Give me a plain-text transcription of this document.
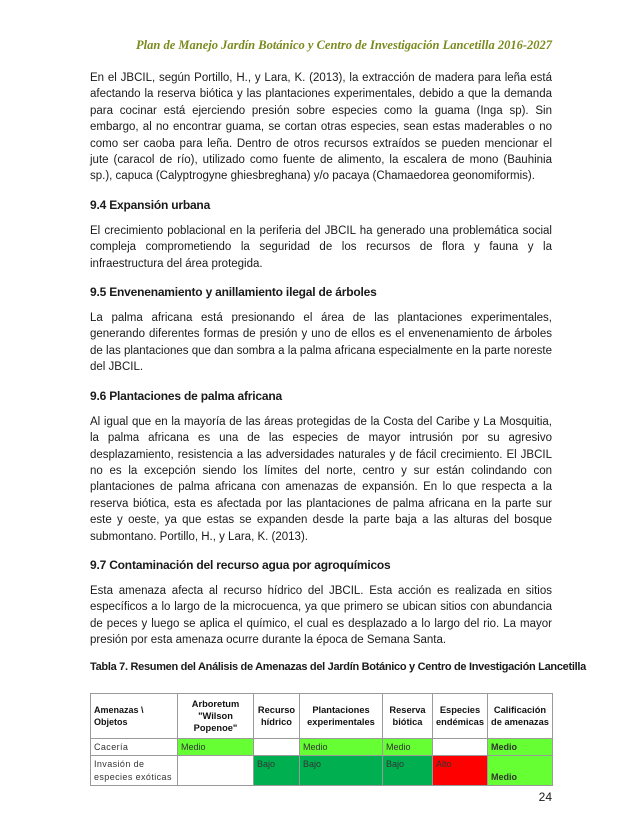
Plan de Manejo Jardín Botánico y Centro de Investigación Lancetilla 2016-2027

En el JBCIL, según Portillo, H., y Lara, K. (2013), la extracción de madera para leña está afectando la reserva biótica y las plantaciones experimentales, debido a que la demanda para cocinar está ejerciendo presión sobre especies como la guama (Inga sp). Sin embargo, al no encontrar guama, se cortan otras especies, sean estas maderables o no como ser caoba para leña. Dentro de otros recursos extraídos se pueden mencionar el jute (caracol de río), utilizado como fuente de alimento, la escalera de mono (Bauhinia sp.), capuca (Calyptrogyne ghiesbreghana) y/o pacaya (Chamaedorea geonomiformis).

9.4 Expansión urbana

El crecimiento poblacional en la periferia del JBCIL ha generado una problemática social compleja comprometiendo la seguridad de los recursos de flora y fauna y la infraestructura del área protegida.

9.5 Envenenamiento y anillamiento ilegal de árboles

La palma africana está presionando el área de las plantaciones experimentales, generando diferentes formas de presión y uno de ellos es el envenenamiento de árboles de las plantaciones que dan sombra a la palma africana especialmente en la parte noreste del JBCIL.

9.6 Plantaciones de palma africana

Al igual que en la mayoría de las áreas protegidas de la Costa del Caribe y La Mosquitia, la palma africana es una de las especies de mayor intrusión por su agresivo desplazamiento, resistencia a las adversidades naturales y de fácil crecimiento. El JBCIL no es la excepción siendo los límites del norte, centro y sur están colindando con plantaciones de palma africana con amenazas de expansión. En lo que respecta a la reserva biótica, esta es afectada por las plantaciones de palma africana en la parte sur este y oeste, ya que estas se expanden desde la parte baja a las alturas del bosque submontano. Portillo, H., y Lara, K. (2013).

9.7 Contaminación del recurso agua por agroquímicos

Esta amenaza afecta al recurso hídrico del JBCIL. Esta acción es realizada en sitios específicos a lo largo de la microcuenca, ya que primero se ubican sitios con abundancia de peces y luego se aplica el químico, el cual es desplazado a lo largo del rio. La mayor presión por esta amenaza ocurre durante la época de Semana Santa.

Tabla 7. Resumen del Análisis de Amenazas del Jardín Botánico y Centro de Investigación Lancetilla
Amenazas \ Objetos	Arboretum "Wilson Popenoe"	Recurso hídrico	Plantaciones experimentales	Reserva biótica	Especies endémicas	Calificación de amenazas
Cacería	Medio		Medio	Medio		Medio
Invasión de especies exóticas		Bajo	Bajo	Bajo	Alto	Medio
24
